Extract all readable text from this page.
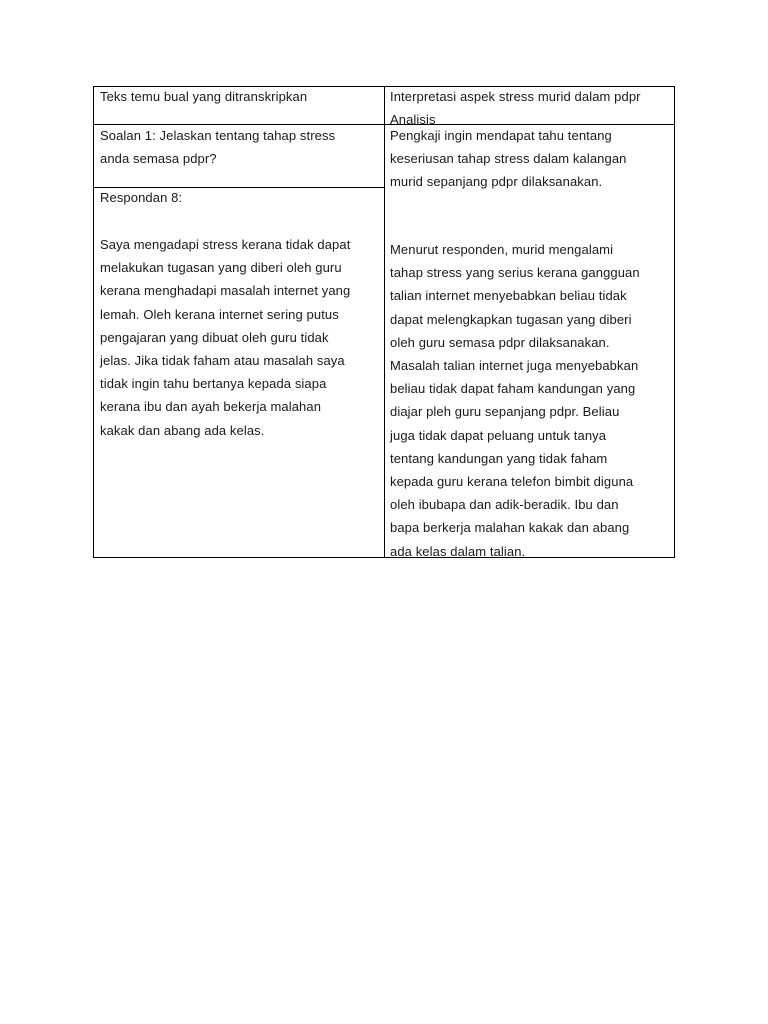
Teks temu bual yang ditranskripkan	Interpretasi aspek stress murid dalam pdpr
Analisis
Soalan 1: Jelaskan tentang tahap stress
anda semasa pdpr?
Pengkaji ingin mendapat tahu tentang
keseriusan tahap stress dalam kalangan
murid sepanjang pdpr dilaksanakan.
Respondan 8:
Saya mengadapi stress kerana tidak dapat
melakukan tugasan yang diberi oleh guru
kerana menghadapi masalah internet yang
lemah. Oleh kerana internet sering putus
pengajaran yang dibuat oleh guru tidak
jelas. Jika tidak faham atau masalah saya
tidak ingin tahu bertanya kepada siapa
kerana ibu dan ayah bekerja malahan
kakak dan abang ada kelas.
Menurut responden, murid mengalami
tahap stress yang serius kerana gangguan
talian internet menyebabkan beliau tidak
dapat melengkapkan tugasan yang diberi
oleh guru semasa pdpr dilaksanakan.
Masalah talian internet juga menyebabkan
beliau tidak dapat faham kandungan yang
diajar pleh guru sepanjang pdpr. Beliau
juga tidak dapat peluang untuk tanya
tentang kandungan yang tidak faham
kepada guru kerana telefon bimbit diguna
oleh ibubapa dan adik-beradik. Ibu dan
bapa berkerja malahan kakak dan abang
ada kelas dalam talian.
